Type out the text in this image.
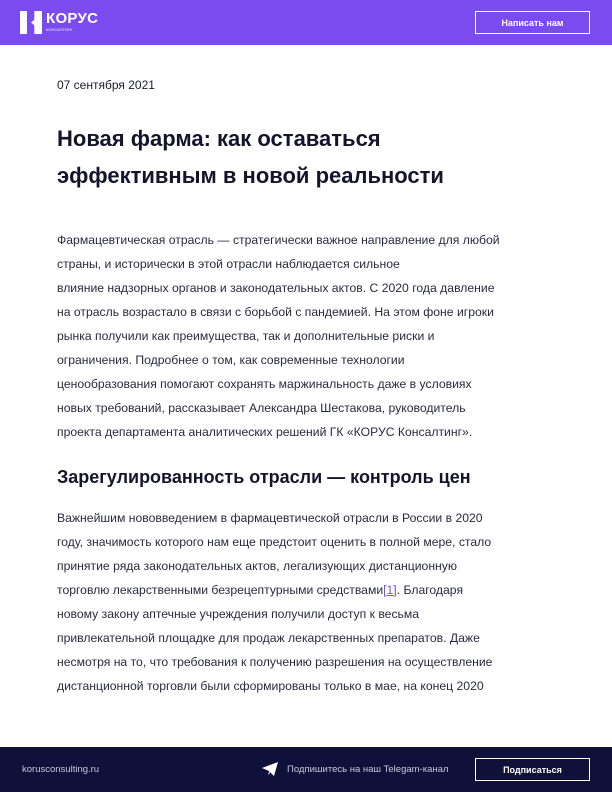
КОРУС
КОНСАЛТИНГ
Написать нам
07 сентября 2021
Новая фарма: как оставаться
эффективным в новой реальности
Фармацевтическая отрасль — стратегически важное направление для любой
страны, и исторически в этой отрасли наблюдается сильное
влияние надзорных органов и законодательных актов. С 2020 года давление
на отрасль возрастало в связи с борьбой с пандемией. На этом фоне игроки
рынка получили как преимущества, так и дополнительные риски и
ограничения. Подробнее о том, как современные технологии
ценообразования помогают сохранять маржинальность даже в условиях
новых требований, рассказывает Александра Шестакова, руководитель
проекта департамента аналитических решений ГК «КОРУС Консалтинг».
Зарегулированность отрасли — контроль цен
Важнейшим нововведением в фармацевтической отрасли в России в 2020
году, значимость которого нам еще предстоит оценить в полной мере, стало
принятие ряда законодательных актов, легализующих дистанционную
торговлю лекарственными безрецептурными средствами[1]. Благодаря
новому закону аптечные учреждения получили доступ к весьма
привлекательной площадке для продаж лекарственных препаратов. Даже
несмотря на то, что требования к получению разрешения на осуществление
дистанционной торговли были сформированы только в мае, на конец 2020
korusconsulting.ru	Подпишитесь на наш Telegam-канал	Подписаться
